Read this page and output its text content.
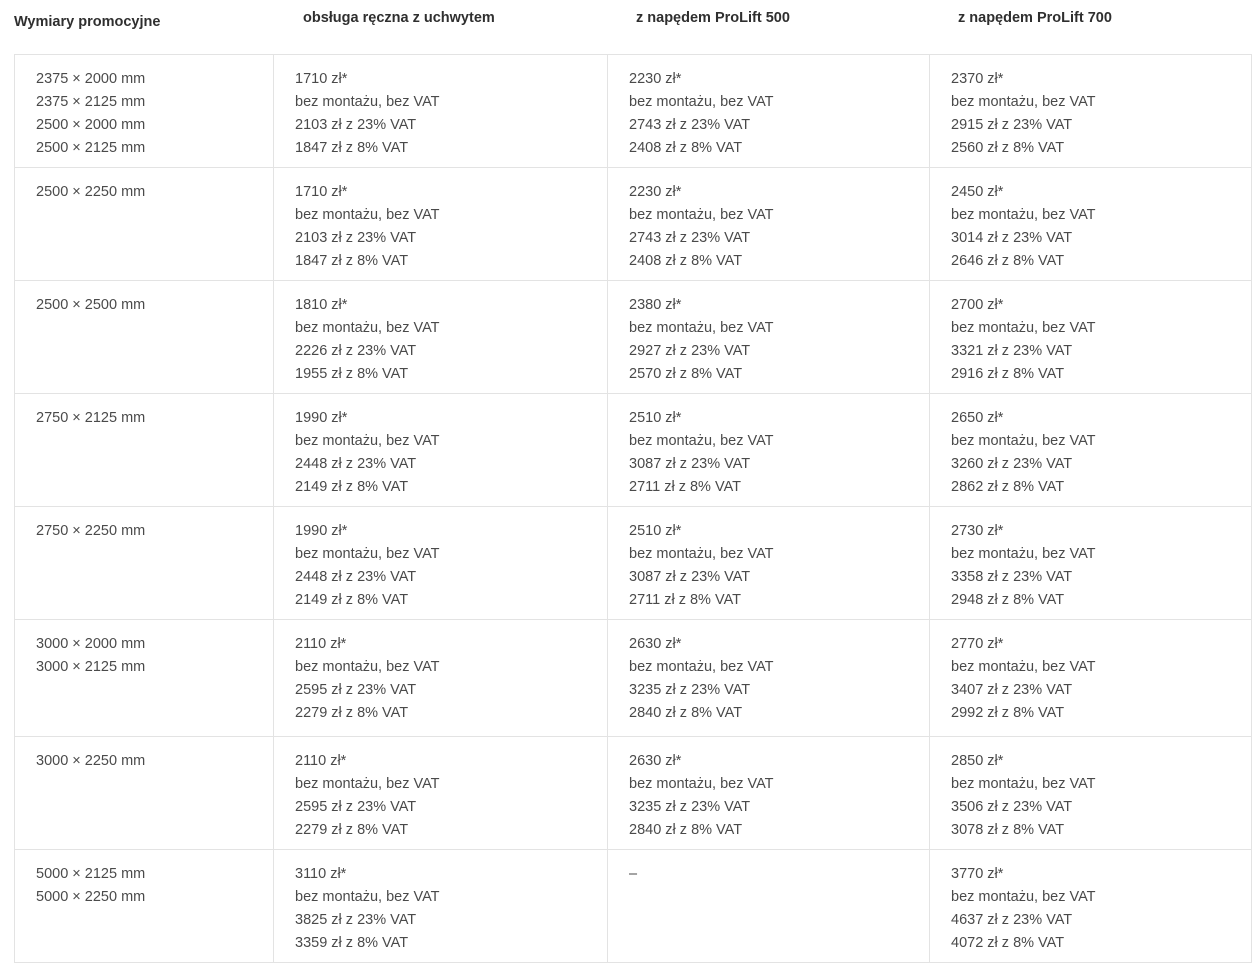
Wymiary promocyjne	obsługa ręczna z uchwytem	z napędem ProLift 500	z napędem ProLift 700
2375 × 2000 mm
2375 × 2125 mm
2500 × 2000 mm
2500 × 2125 mm	1710 zł*
bez montażu, bez VAT
2103 zł z 23% VAT
1847 zł z 8% VAT	2230 zł*
bez montażu, bez VAT
2743 zł z 23% VAT
2408 zł z 8% VAT	2370 zł*
bez montażu, bez VAT
2915 zł z 23% VAT
2560 zł z 8% VAT

2500 × 2250 mm	1710 zł*
bez montażu, bez VAT
2103 zł z 23% VAT
1847 zł z 8% VAT	2230 zł*
bez montażu, bez VAT
2743 zł z 23% VAT
2408 zł z 8% VAT	2450 zł*
bez montażu, bez VAT
3014 zł z 23% VAT
2646 zł z 8% VAT

2500 × 2500 mm	1810 zł*
bez montażu, bez VAT
2226 zł z 23% VAT
1955 zł z 8% VAT	2380 zł*
bez montażu, bez VAT
2927 zł z 23% VAT
2570 zł z 8% VAT	2700 zł*
bez montażu, bez VAT
3321 zł z 23% VAT
2916 zł z 8% VAT

2750 × 2125 mm	1990 zł*
bez montażu, bez VAT
2448 zł z 23% VAT
2149 zł z 8% VAT	2510 zł*
bez montażu, bez VAT
3087 zł z 23% VAT
2711 zł z 8% VAT	2650 zł*
bez montażu, bez VAT
3260 zł z 23% VAT
2862 zł z 8% VAT

2750 × 2250 mm	1990 zł*
bez montażu, bez VAT
2448 zł z 23% VAT
2149 zł z 8% VAT	2510 zł*
bez montażu, bez VAT
3087 zł z 23% VAT
2711 zł z 8% VAT	2730 zł*
bez montażu, bez VAT
3358 zł z 23% VAT
2948 zł z 8% VAT

3000 × 2000 mm
3000 × 2125 mm	2110 zł*
bez montażu, bez VAT
2595 zł z 23% VAT
2279 zł z 8% VAT	2630 zł*
bez montażu, bez VAT
3235 zł z 23% VAT
2840 zł z 8% VAT	2770 zł*
bez montażu, bez VAT
3407 zł z 23% VAT
2992 zł z 8% VAT

3000 × 2250 mm	2110 zł*
bez montażu, bez VAT
2595 zł z 23% VAT
2279 zł z 8% VAT	2630 zł*
bez montażu, bez VAT
3235 zł z 23% VAT
2840 zł z 8% VAT	2850 zł*
bez montażu, bez VAT
3506 zł z 23% VAT
3078 zł z 8% VAT

5000 × 2125 mm
5000 × 2250 mm	3110 zł*
bez montażu, bez VAT
3825 zł z 23% VAT
3359 zł z 8% VAT	–	3770 zł*
bez montażu, bez VAT
4637 zł z 23% VAT
4072 zł z 8% VAT
